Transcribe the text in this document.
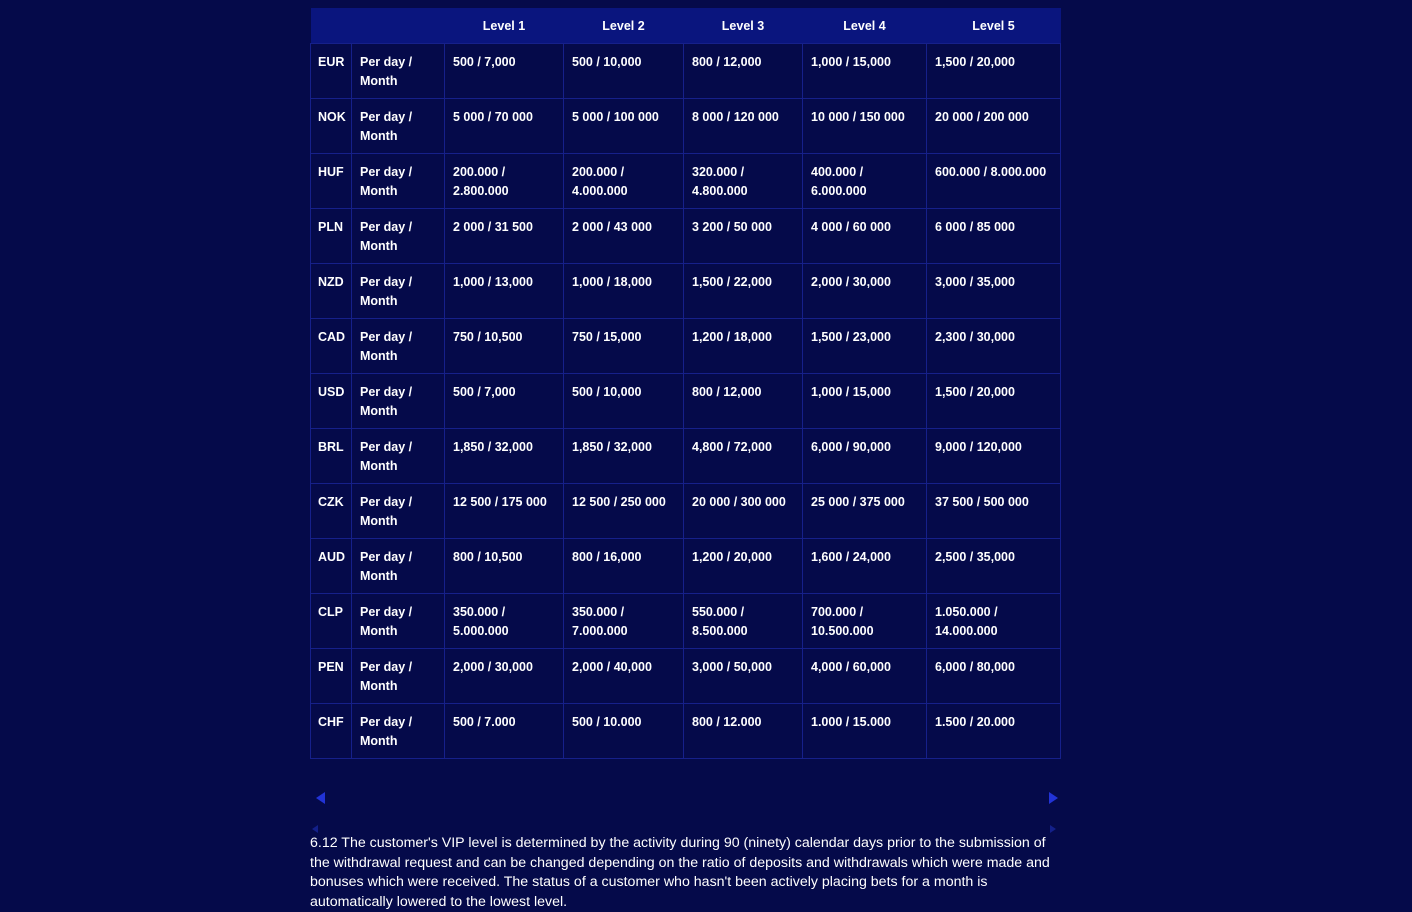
		Level 1	Level 2	Level 3	Level 4	Level 5
EUR	Per day / Month	500 / 7,000	500 / 10,000	800 / 12,000	1,000 / 15,000	1,500 / 20,000
NOK	Per day / Month	5 000 / 70 000	5 000 / 100 000	8 000 / 120 000	10 000 / 150 000	20 000 / 200 000
HUF	Per day / Month	200.000 / 2.800.000	200.000 / 4.000.000	320.000 / 4.800.000	400.000 / 6.000.000	600.000 / 8.000.000
PLN	Per day / Month	2 000 / 31 500	2 000 / 43 000	3 200 / 50 000	4 000 / 60 000	6 000 / 85 000
NZD	Per day / Month	1,000 / 13,000	1,000 / 18,000	1,500 / 22,000	2,000 / 30,000	3,000 / 35,000
CAD	Per day / Month	750 / 10,500	750 / 15,000	1,200 / 18,000	1,500 / 23,000	2,300 / 30,000
USD	Per day / Month	500 / 7,000	500 / 10,000	800 / 12,000	1,000 / 15,000	1,500 / 20,000
BRL	Per day / Month	1,850 / 32,000	1,850 / 32,000	4,800 / 72,000	6,000 / 90,000	9,000 / 120,000
CZK	Per day / Month	12 500 / 175 000	12 500 / 250 000	20 000 / 300 000	25 000 / 375 000	37 500 / 500 000
AUD	Per day / Month	800 / 10,500	800 / 16,000	1,200 / 20,000	1,600 / 24,000	2,500 / 35,000
CLP	Per day / Month	350.000 / 5.000.000	350.000 / 7.000.000	550.000 / 8.500.000	700.000 / 10.500.000	1.050.000 / 14.000.000
PEN	Per day / Month	2,000 / 30,000	2,000 / 40,000	3,000 / 50,000	4,000 / 60,000	6,000 / 80,000
CHF	Per day / Month	500 / 7.000	500 / 10.000	800 / 12.000	1.000 / 15.000	1.500 / 20.000

6.12 The customer's VIP level is determined by the activity during 90 (ninety) calendar days prior to the submission of the withdrawal request and can be changed depending on the ratio of deposits and withdrawals which were made and bonuses which were received. The status of a customer who hasn't been actively placing bets for a month is automatically lowered to the lowest level.
